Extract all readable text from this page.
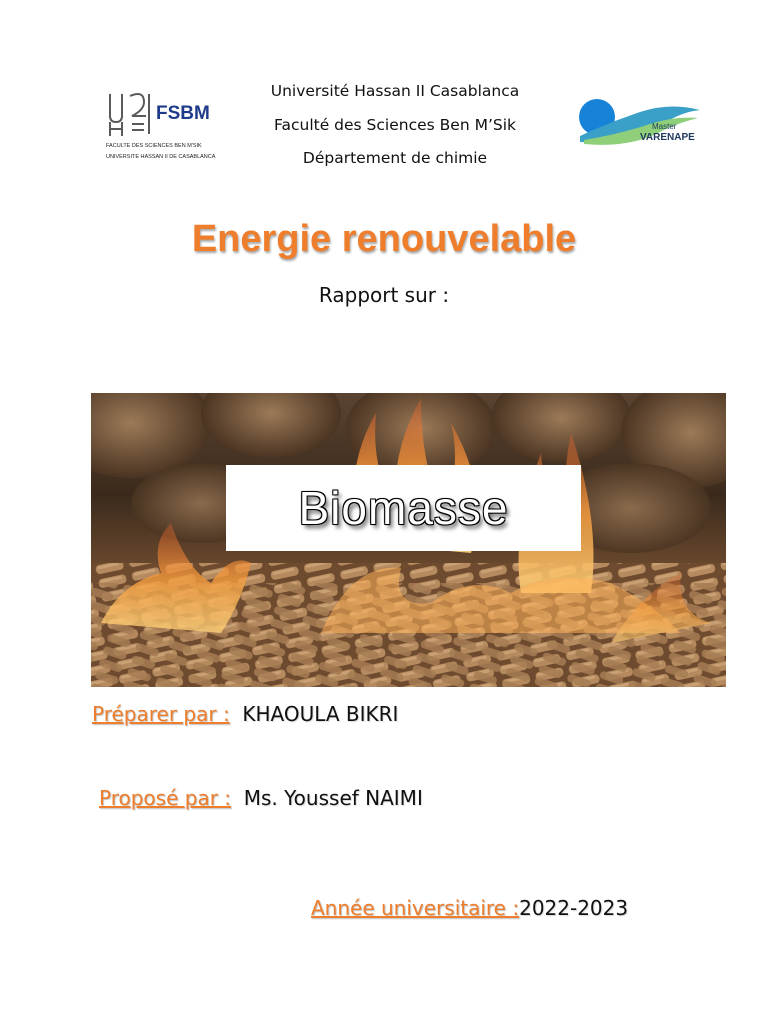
FSBM
FACULTE DES SCIENCES BEN M'SIK
UNIVERSITE HASSAN II DE CASABLANCA
Université Hassan II Casablanca
Faculté des Sciences Ben M’Sik
Département de chimie
Master
VARENAPE
Energie renouvelable
Rapport sur :
Biomasse
Préparer par : KHAOULA BIKRI
Proposé par : Ms. Youssef NAIMI
Année universitaire :2022-2023
